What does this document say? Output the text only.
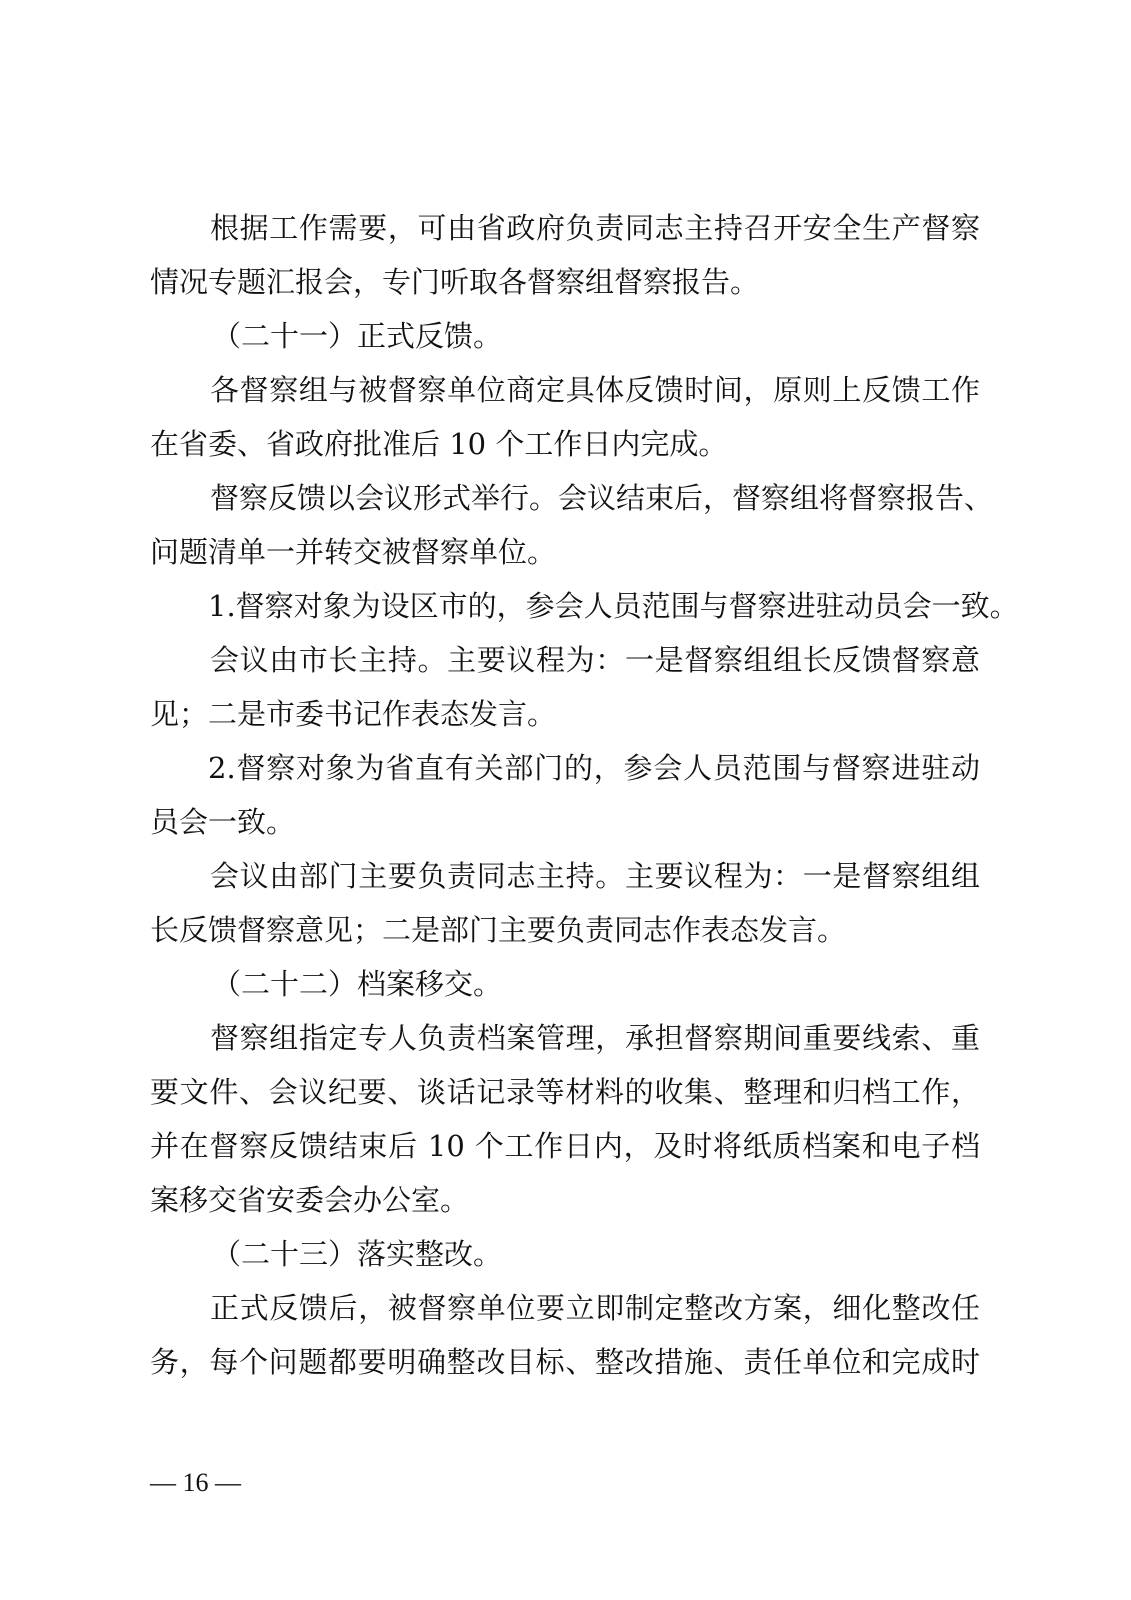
根据工作需要，可由省政府负责同志主持召开安全生产督察
情况专题汇报会，专门听取各督察组督察报告。
（二十一）正式反馈。
各督察组与被督察单位商定具体反馈时间，原则上反馈工作
在省委、省政府批准后 10 个工作日内完成。
督察反馈以会议形式举行。会议结束后，督察组将督察报告、
问题清单一并转交被督察单位。
1.督察对象为设区市的，参会人员范围与督察进驻动员会一致。
会议由市长主持。主要议程为：一是督察组组长反馈督察意
见；二是市委书记作表态发言。
2.督察对象为省直有关部门的，参会人员范围与督察进驻动
员会一致。
会议由部门主要负责同志主持。主要议程为：一是督察组组
长反馈督察意见；二是部门主要负责同志作表态发言。
（二十二）档案移交。
督察组指定专人负责档案管理，承担督察期间重要线索、重
要文件、会议纪要、谈话记录等材料的收集、整理和归档工作，
并在督察反馈结束后 10 个工作日内，及时将纸质档案和电子档
案移交省安委会办公室。
（二十三）落实整改。
正式反馈后，被督察单位要立即制定整改方案，细化整改任
务，每个问题都要明确整改目标、整改措施、责任单位和完成时
— 16 —
